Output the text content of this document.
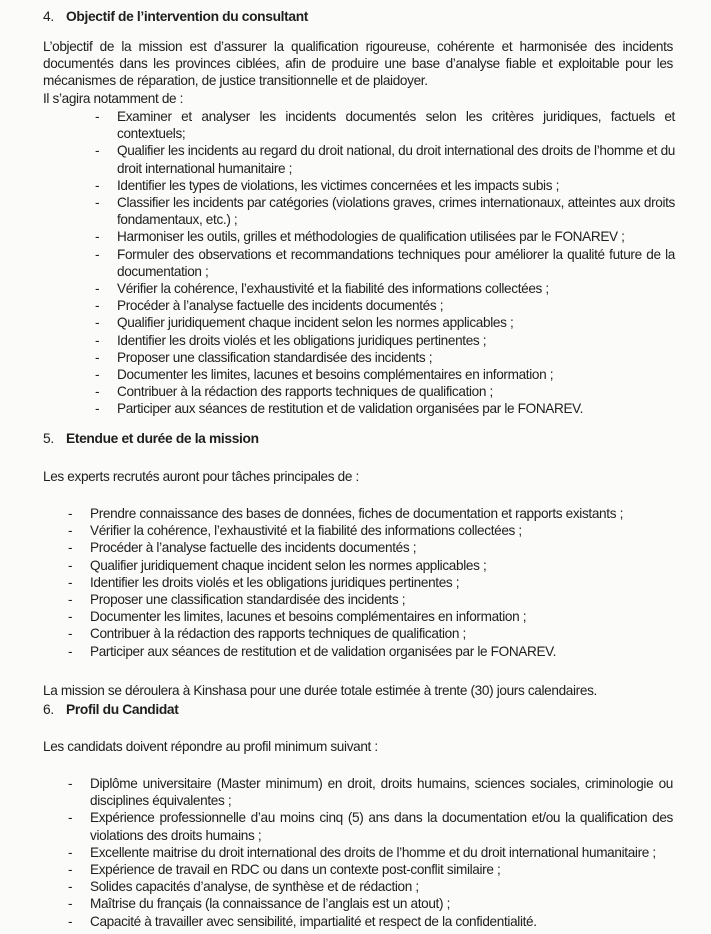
4. Objectif de l’intervention du consultant

L’objectif de la mission est d’assurer la qualification rigoureuse, cohérente et harmonisée des incidents documentés dans les provinces ciblées, afin de produire une base d’analyse fiable et exploitable pour les mécanismes de réparation, de justice transitionnelle et de plaidoyer.

Il s’agira notamment de :

- Examiner et analyser les incidents documentés selon les critères juridiques, factuels et contextuels;
- Qualifier les incidents au regard du droit national, du droit international des droits de l’homme et du droit international humanitaire ;
- Identifier les types de violations, les victimes concernées et les impacts subis ;
- Classifier les incidents par catégories (violations graves, crimes internationaux, atteintes aux droits fondamentaux, etc.) ;
- Harmoniser les outils, grilles et méthodologies de qualification utilisées par le FONAREV ;
- Formuler des observations et recommandations techniques pour améliorer la qualité future de la documentation ;
- Vérifier la cohérence, l’exhaustivité et la fiabilité des informations collectées ;
- Procéder à l’analyse factuelle des incidents documentés ;
- Qualifier juridiquement chaque incident selon les normes applicables ;
- Identifier les droits violés et les obligations juridiques pertinentes ;
- Proposer une classification standardisée des incidents ;
- Documenter les limites, lacunes et besoins complémentaires en information ;
- Contribuer à la rédaction des rapports techniques de qualification ;
- Participer aux séances de restitution et de validation organisées par le FONAREV.
5. Etendue et durée de la mission

Les experts recrutés auront pour tâches principales de :

- Prendre connaissance des bases de données, fiches de documentation et rapports existants ;
- Vérifier la cohérence, l’exhaustivité et la fiabilité des informations collectées ;
- Procéder à l’analyse factuelle des incidents documentés ;
- Qualifier juridiquement chaque incident selon les normes applicables ;
- Identifier les droits violés et les obligations juridiques pertinentes ;
- Proposer une classification standardisée des incidents ;
- Documenter les limites, lacunes et besoins complémentaires en information ;
- Contribuer à la rédaction des rapports techniques de qualification ;
- Participer aux séances de restitution et de validation organisées par le FONAREV.

La mission se déroulera à Kinshasa pour une durée totale estimée à trente (30) jours calendaires.

6. Profil du Candidat

Les candidats doivent répondre au profil minimum suivant :

- Diplôme universitaire (Master minimum) en droit, droits humains, sciences sociales, criminologie ou disciplines équivalentes ;
- Expérience professionnelle d’au moins cinq (5) ans dans la documentation et/ou la qualification des violations des droits humains ;
- Excellente maitrise du droit international des droits de l’homme et du droit international humanitaire ;
- Expérience de travail en RDC ou dans un contexte post-conflit similaire ;
- Solides capacités d’analyse, de synthèse et de rédaction ;
- Maîtrise du français (la connaissance de l’anglais est un atout) ;
- Capacité à travailler avec sensibilité, impartialité et respect de la confidentialité.
